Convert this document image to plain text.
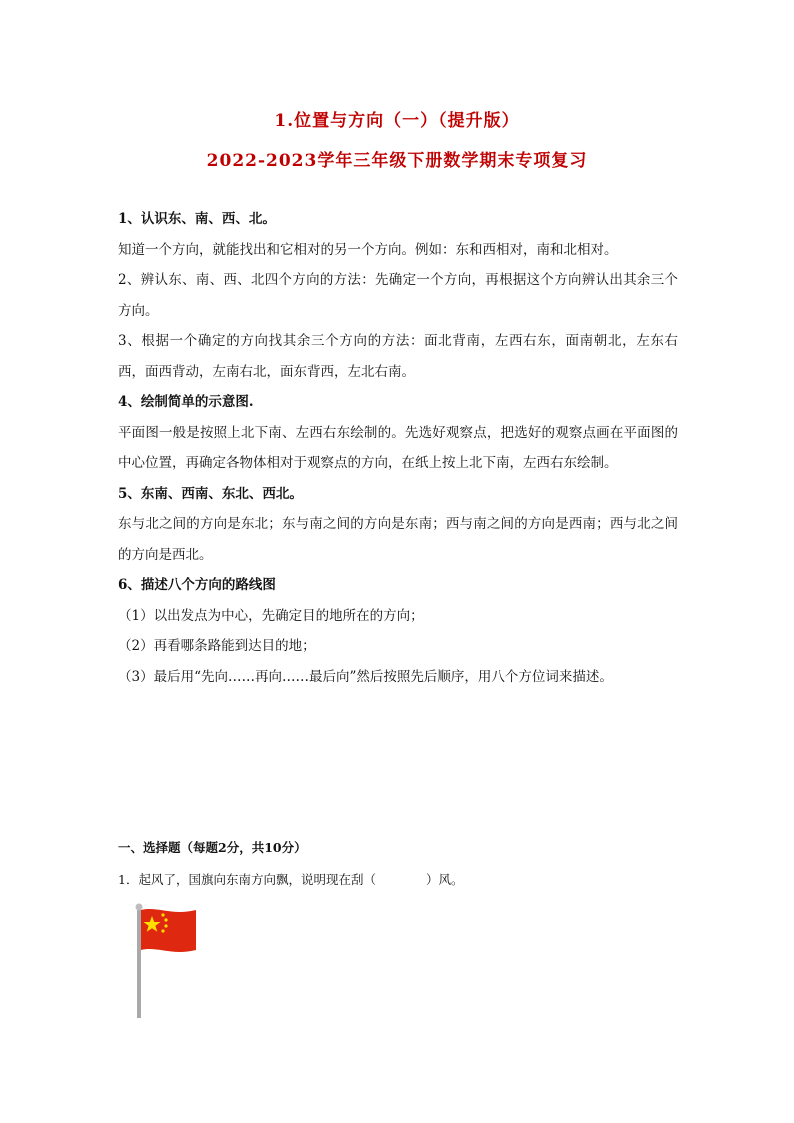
1.位置与方向（一）（提升版）
2022-2023学年三年级下册数学期末专项复习

1、认识东、南、西、北。

知道一个方向，就能找出和它相对的另一个方向。例如：东和西相对，南和北相对。

2、辨认东、南、西、北四个方向的方法：先确定一个方向，再根据这个方向辨认出其余三个方向。

3、根据一个确定的方向找其余三个方向的方法：面北背南，左西右东，面南朝北，左东右西，面西背动，左南右北，面东背西，左北右南。

4、绘制简单的示意图.

平面图一般是按照上北下南、左西右东绘制的。先选好观察点，把选好的观察点画在平面图的中心位置，再确定各物体相对于观察点的方向，在纸上按上北下南，左西右东绘制。

5、东南、西南、东北、西北。

东与北之间的方向是东北；东与南之间的方向是东南；西与南之间的方向是西南；西与北之间的方向是西北。

6、描述八个方向的路线图

（1）以出发点为中心，先确定目的地所在的方向；

（2）再看哪条路能到达目的地；

（3）最后用“先向……再向……最后向”然后按照先后顺序，用八个方位词来描述。

一、选择题（每题2分，共10分）
1．起风了，国旗向东南方向飘，说明现在刮（　　　　）风。
